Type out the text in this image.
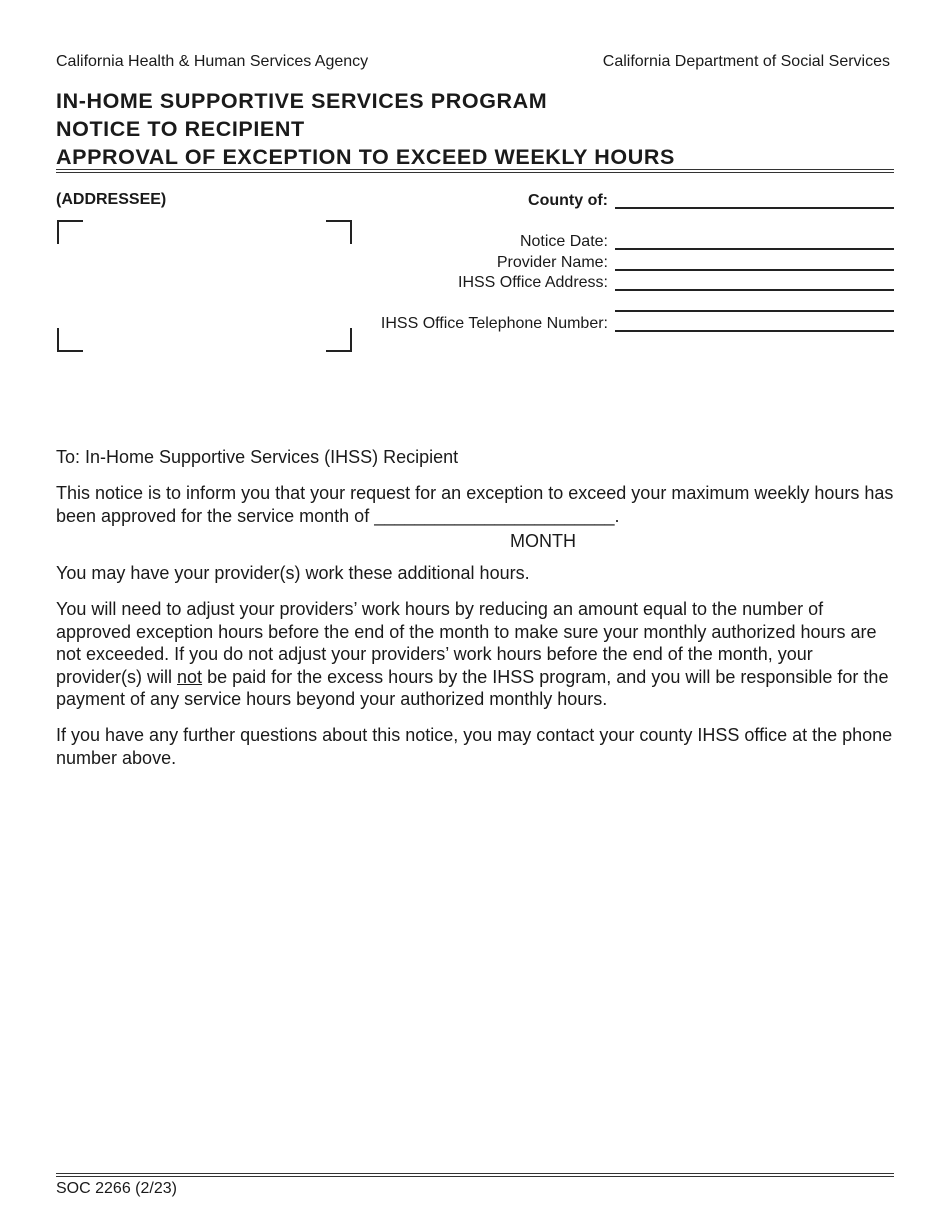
California Health & Human Services Agency	California Department of Social Services
IN-HOME SUPPORTIVE SERVICES PROGRAM
NOTICE TO RECIPIENT
APPROVAL OF EXCEPTION TO EXCEED WEEKLY HOURS
(ADDRESSEE)	County of:
Notice Date:
Provider Name:
IHSS Office Address:
IHSS Office Telephone Number:
To: In-Home Supportive Services (IHSS) Recipient
This notice is to inform you that your request for an exception to exceed your maximum weekly hours has been approved for the service month of ________________________.
MONTH
You may have your provider(s) work these additional hours.
You will need to adjust your providers’ work hours by reducing an amount equal to the number of approved exception hours before the end of the month to make sure your monthly authorized hours are not exceeded. If you do not adjust your providers’ work hours before the end of the month, your provider(s) will not be paid for the excess hours by the IHSS program, and you will be responsible for the payment of any service hours beyond your authorized monthly hours.
If you have any further questions about this notice, you may contact your county IHSS office at the phone number above.
SOC 2266 (2/23)
